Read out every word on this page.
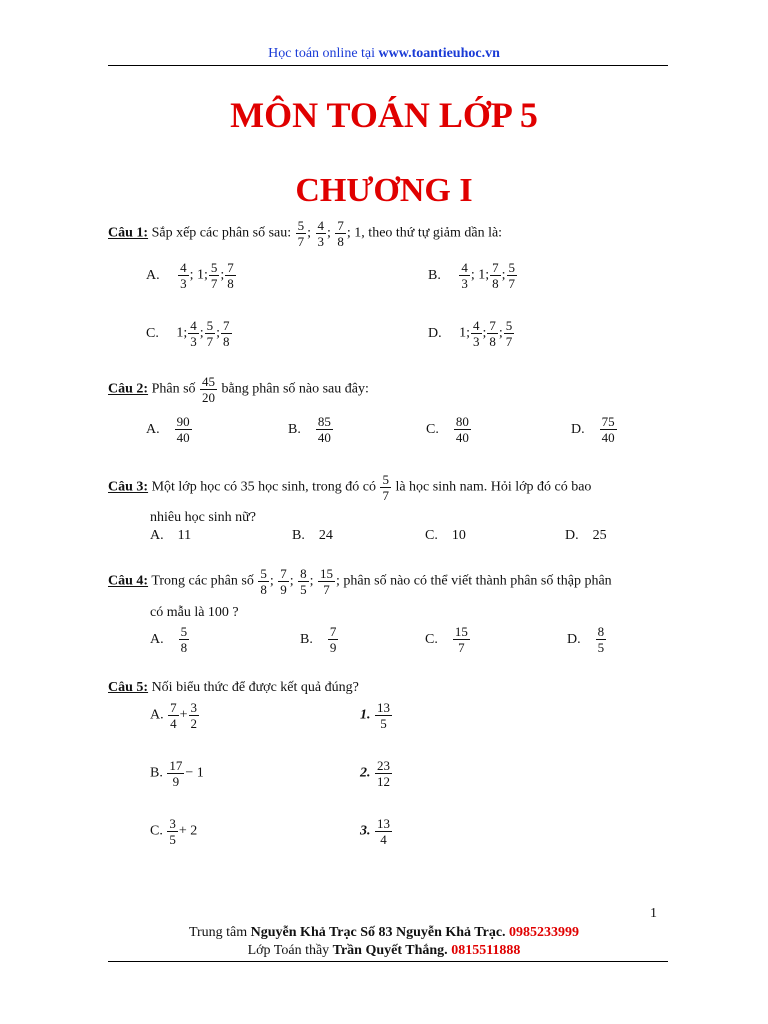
Học toán online tại www.toantieuhoc.vn
MÔN TOÁN LỚP 5
CHƯƠNG I
Câu 1: Sắp xếp các phân số sau: $\frac{5}{7}$ ; $\frac{4}{3}$ ; $\frac{7}{8}$ ; 1, theo thứ tự giảm dần là:
A. $\frac{4}{3}$ ; 1; $\frac{5}{7}$ ; $\frac{7}{8}$	B. $\frac{4}{3}$ ; 1; $\frac{7}{8}$ ; $\frac{5}{7}$
C. 1; $\frac{4}{3}$ ; $\frac{5}{7}$ ; $\frac{7}{8}$	D. 1; $\frac{4}{3}$ ; $\frac{7}{8}$ ; $\frac{5}{7}$
Câu 2: Phân số $\frac{45}{20}$ bằng phân số nào sau đây:
A. $\frac{90}{40}$	B. $\frac{85}{40}$	C. $\frac{80}{40}$	D. $\frac{75}{40}$
Câu 3: Một lớp học có 35 học sinh, trong đó có $\frac{5}{7}$ là học sinh nam. Hỏi lớp đó có bao
nhiêu học sinh nữ?
A. 11	B. 24	C. 10	D. 25
Câu 4: Trong các phân số $\frac{5}{8}$ ; $\frac{7}{9}$ ; $\frac{8}{5}$ ; $\frac{15}{7}$ ; phân số nào có thể viết thành phân số thập phân
có mẫu là 100 ?
A. $\frac{5}{8}$	B. $\frac{7}{9}$	C. $\frac{15}{7}$	D. $\frac{8}{5}$
Câu 5: Nối biểu thức để được kết quả đúng?
A. $\frac{7}{4} + \frac{3}{2}$
B. $\frac{17}{9} - 1$
C. $\frac{3}{5} + 2$
1. $\frac{13}{5}$
2. $\frac{23}{12}$
3. $\frac{13}{4}$
1
Trung tâm Nguyễn Khả Trạc Số 83 Nguyễn Khả Trạc. 0985233999
Lớp Toán thầy Trần Quyết Thắng. 0815511888
